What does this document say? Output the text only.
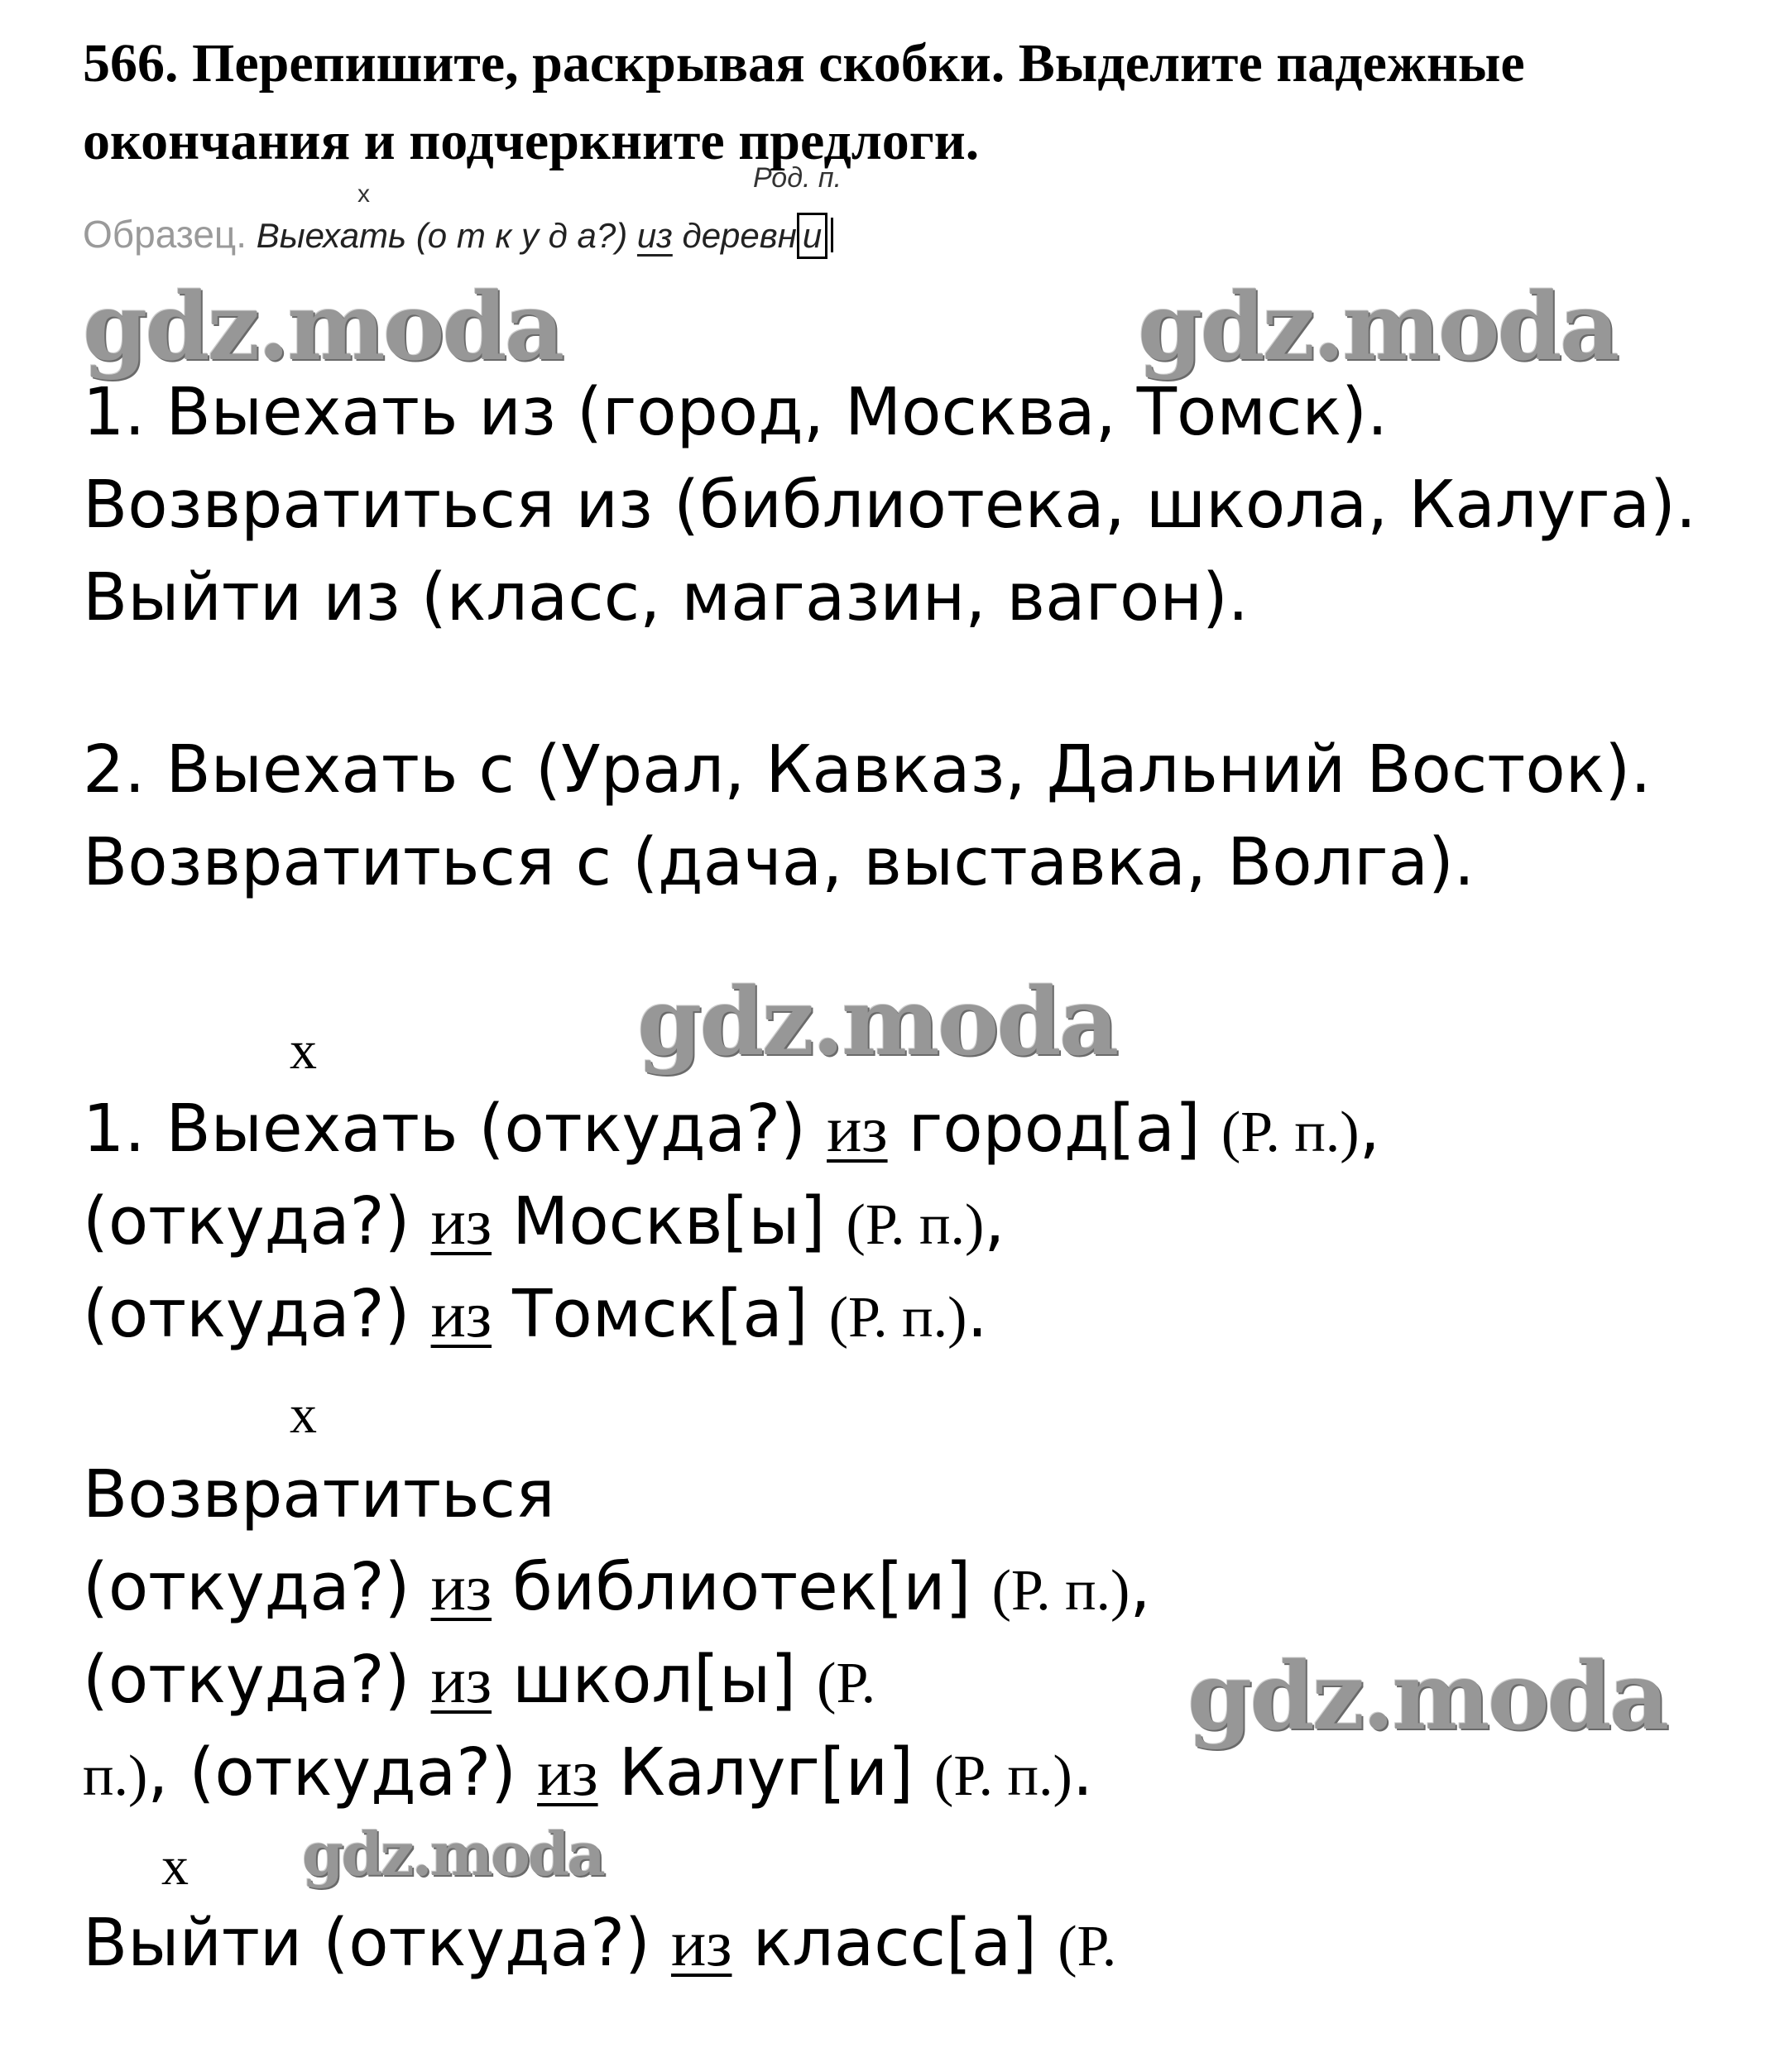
566. Перепишите, раскрывая скобки. Выделите падежные окончания и подчеркните предлоги.
Род. п.
x
Образец. Выехать (о т к у д а?) из деревн и
gdz.moda	gdz.moda
gdz.moda
gdz.moda
gdz.moda
1. Выехать из (город, Москва, Томск). Возвратиться из (библиотека, школа, Калуга). Выйти из (класс, магазин, вагон).
2. Выехать с (Урал, Кавказ, Дальний Восток). Возвратиться с (дача, выставка, Волга).
x
1. Выехать (откуда?) из город[а] (Р. п.),
(откуда?) из Москв[ы] (Р. п.),
(откуда?) из Томск[а] (Р. п.).
x
Возвратиться
(откуда?) из библиотек[и] (Р. п.),
(откуда?) из школ[ы] (Р.
п.), (откуда?) из Калуг[и] (Р. п.).
x
Выйти (откуда?) из класс[а] (Р.
